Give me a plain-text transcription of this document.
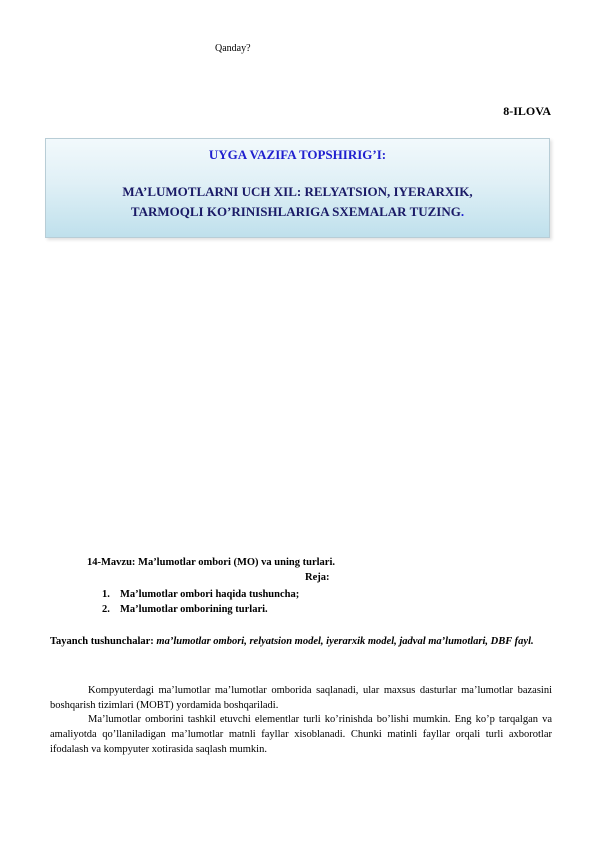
Qanday?
8-ILOVA
UYGA VAZIFA TOPSHIRIG’I:
MA’LUMOTLARNI UCH XIL: RELYATSION, IYERARXIK,
TARMOQLI KO’RINISHLARIGA SXEMALAR TUZING.
14-Mavzu: Ma’lumotlar ombori (MO) va uning turlari.
Reja:
1. Ma’lumotlar ombori haqida tushuncha;
2. Ma’lumotlar omborining turlari.
Tayanch tushunchalar: ma’lumotlar ombori, relyatsion model, iyerarxik model, jadval ma’lumotlari, DBF fayl.

Kompyuterdagi ma’lumotlar ma’lumotlar omborida saqlanadi, ular maxsus dasturlar ma’lumotlar bazasini boshqarish tizimlari (MOBT) yordamida boshqariladi.

Ma’lumotlar omborini tashkil etuvchi elementlar turli ko’rinishda bo’lishi mumkin. Eng ko’p tarqalgan va amaliyotda qo’llaniladigan ma’lumotlar matnli fayllar xisoblanadi. Chunki matinli fayllar orqali turli axborotlar ifodalash va kompyuter xotirasida saqlash mumkin.
